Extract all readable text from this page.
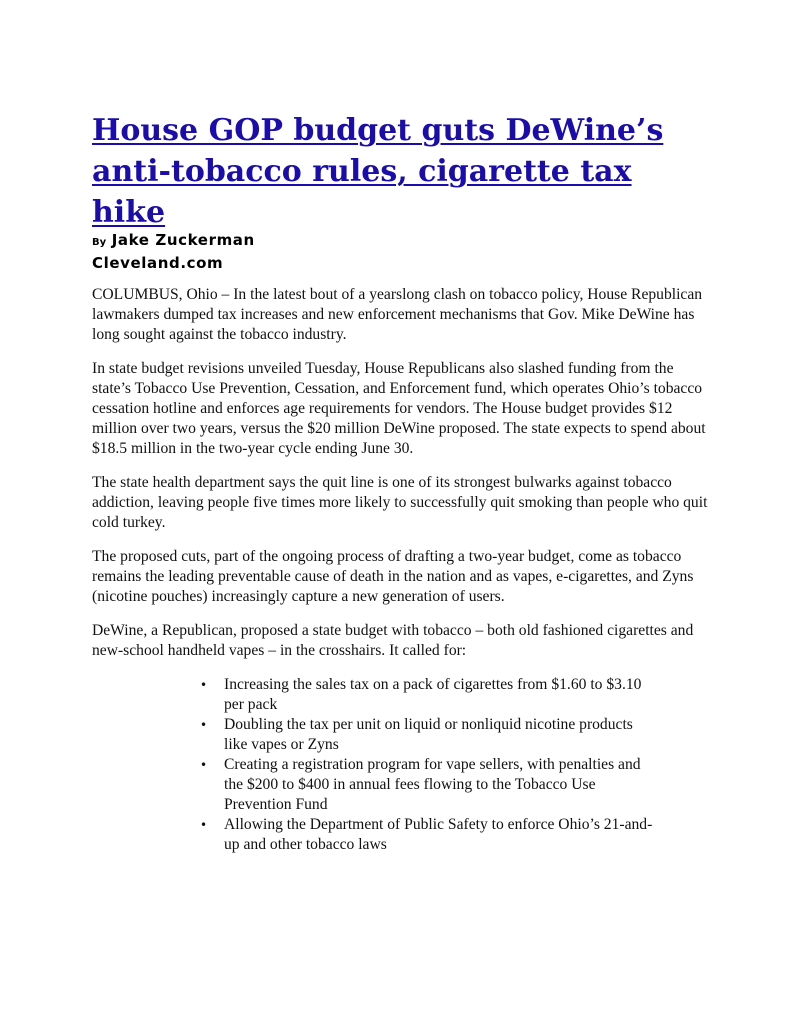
House GOP budget guts DeWine’s anti-tobacco rules, cigarette tax hike
By Jake Zuckerman
Cleveland.com

COLUMBUS, Ohio – In the latest bout of a yearslong clash on tobacco policy, House Republican lawmakers dumped tax increases and new enforcement mechanisms that Gov. Mike DeWine has long sought against the tobacco industry.

In state budget revisions unveiled Tuesday, House Republicans also slashed funding from the state’s Tobacco Use Prevention, Cessation, and Enforcement fund, which operates Ohio’s tobacco cessation hotline and enforces age requirements for vendors. The House budget provides $12 million over two years, versus the $20 million DeWine proposed. The state expects to spend about $18.5 million in the two-year cycle ending June 30.

The state health department says the quit line is one of its strongest bulwarks against tobacco addiction, leaving people five times more likely to successfully quit smoking than people who quit cold turkey.

The proposed cuts, part of the ongoing process of drafting a two-year budget, come as tobacco remains the leading preventable cause of death in the nation and as vapes, e-cigarettes, and Zyns (nicotine pouches) increasingly capture a new generation of users.

DeWine, a Republican, proposed a state budget with tobacco – both old fashioned cigarettes and new-school handheld vapes – in the crosshairs. It called for:

• Increasing the sales tax on a pack of cigarettes from $1.60 to $3.10 per pack
• Doubling the tax per unit on liquid or nonliquid nicotine products like vapes or Zyns
• Creating a registration program for vape sellers, with penalties and the $200 to $400 in annual fees flowing to the Tobacco Use Prevention Fund
• Allowing the Department of Public Safety to enforce Ohio’s 21-and-up and other tobacco laws
